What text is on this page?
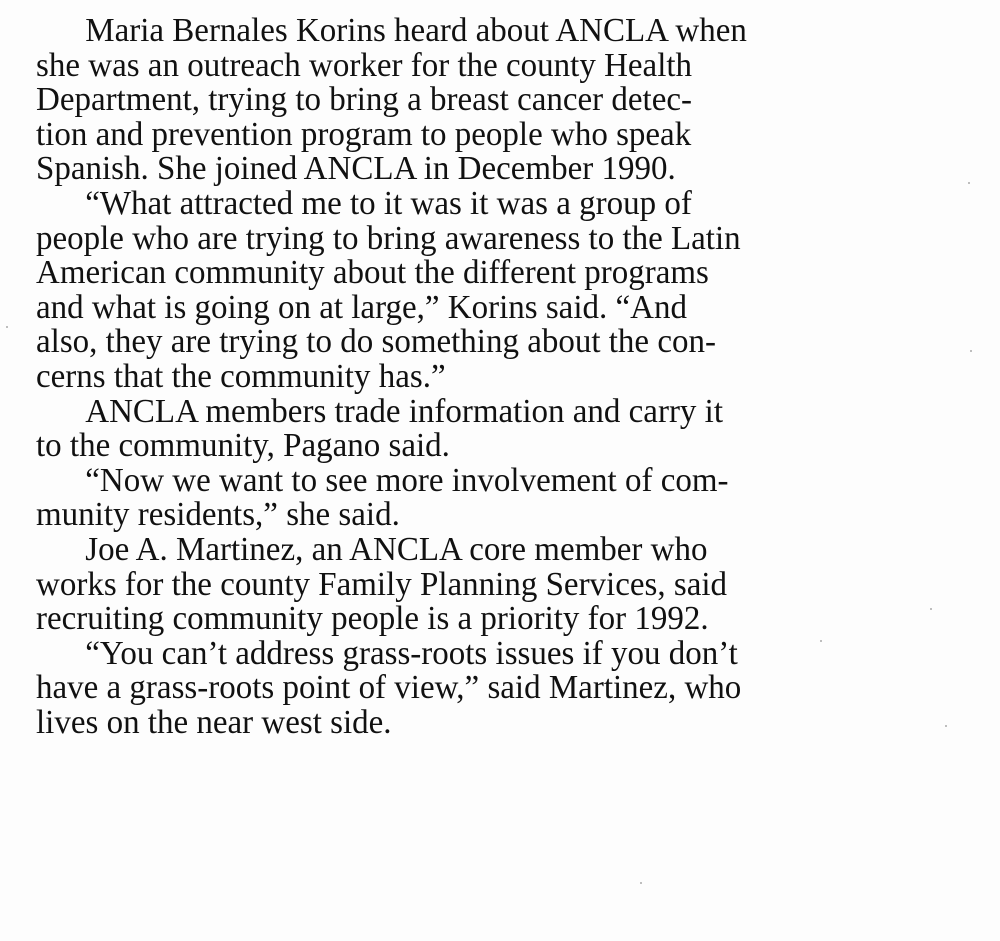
Maria Bernales Korins heard about ANCLA when
she was an outreach worker for the county Health
Department, trying to bring a breast cancer detec-
tion and prevention program to people who speak
Spanish. She joined ANCLA in December 1990.
“What attracted me to it was it was a group of
people who are trying to bring awareness to the Latin
American community about the different programs
and what is going on at large,” Korins said. “And
also, they are trying to do something about the con-
cerns that the community has.”
ANCLA members trade information and carry it
to the community, Pagano said.
“Now we want to see more involvement of com-
munity residents,” she said.
Joe A. Martinez, an ANCLA core member who
works for the county Family Planning Services, said
recruiting community people is a priority for 1992.
“You can’t address grass-roots issues if you don’t
have a grass-roots point of view,” said Martinez, who
lives on the near west side.
